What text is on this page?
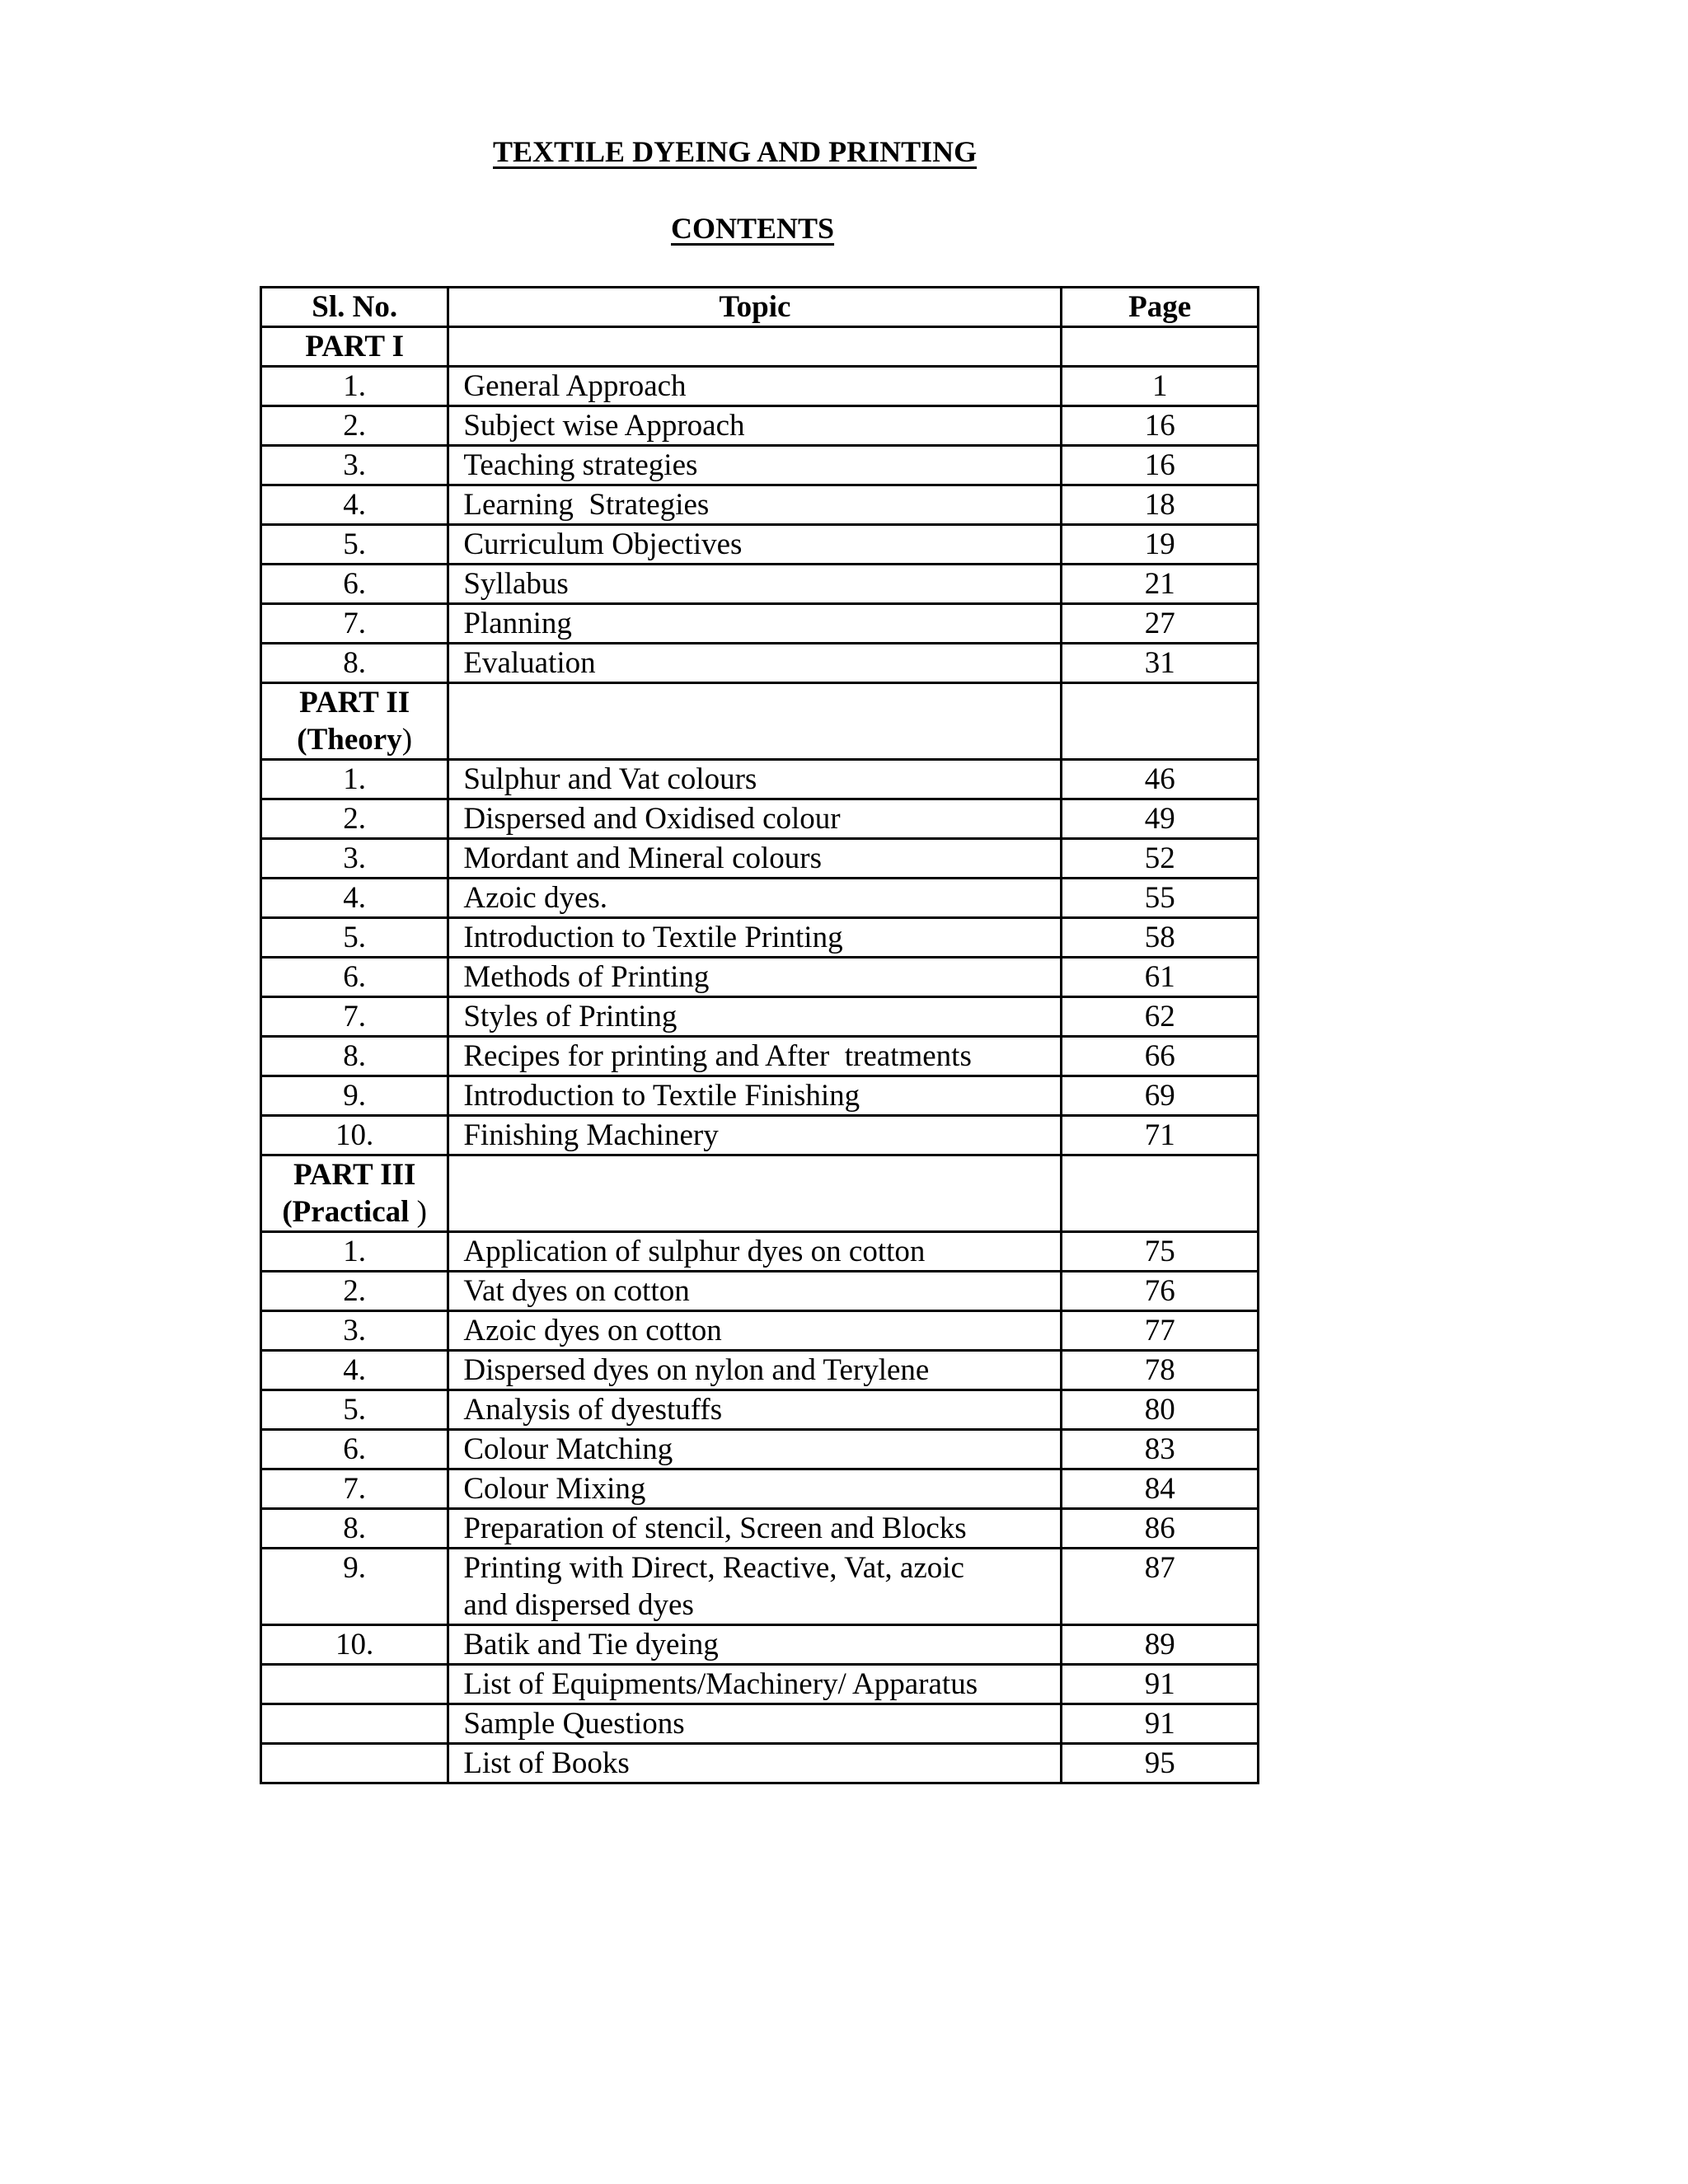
TEXTILE DYEING AND PRINTING
CONTENTS
Sl. No.	Topic	Page
PART I		
1.	General Approach	1
2.	Subject wise Approach	16
3.	Teaching strategies	16
4.	Learning  Strategies	18
5.	Curriculum Objectives	19
6.	Syllabus	21
7.	Planning	27
8.	Evaluation	31

PART II
(Theory)		

1.	Sulphur and Vat colours	46
2.	Dispersed and Oxidised colour	49
3.	Mordant and Mineral colours	52
4.	Azoic dyes.	55
5.	Introduction to Textile Printing	58
6.	Methods of Printing	61
7.	Styles of Printing	62
8.	Recipes for printing and After  treatments	66
9.	Introduction to Textile Finishing	69
10.	Finishing Machinery	71

PART III
(Practical )		

1.	Application of sulphur dyes on cotton	75
2.	Vat dyes on cotton	76
3.	Azoic dyes on cotton	77
4.	Dispersed dyes on nylon and Terylene	78
5.	Analysis of dyestuffs	80
6.	Colour Matching	83
7.	Colour Mixing	84
8.	Preparation of stencil, Screen and Blocks	86
9.	Printing with Direct, Reactive, Vat, azoic
and dispersed dyes	87
10.	Batik and Tie dyeing	89
	List of Equipments/Machinery/ Apparatus	91
	Sample Questions	91
	List of Books	95
